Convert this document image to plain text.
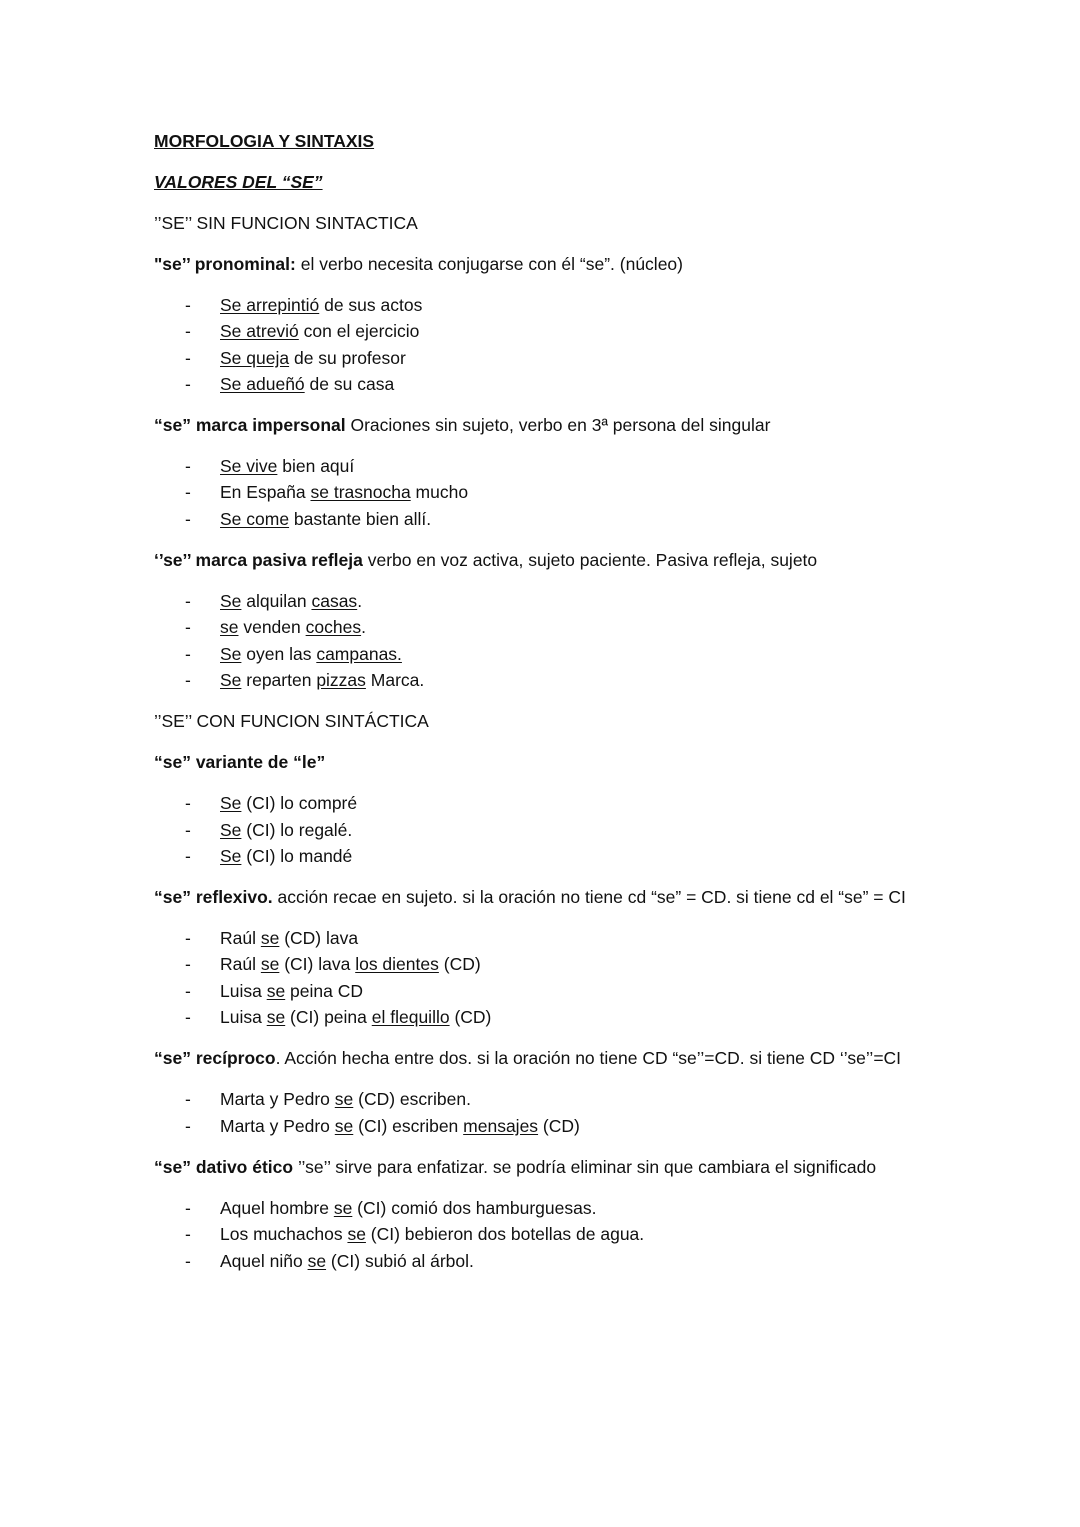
MORFOLOGIA Y SINTAXIS
VALORES DEL “SE”
’’SE’’ SIN FUNCION SINTACTICA
"se’’ pronominal: el verbo necesita conjugarse con él “se”. (núcleo)
- Se arrepintió de sus actos
- Se atrevió con el ejercicio
- Se queja de su profesor
- Se adueñó de su casa
“se” marca impersonal Oraciones sin sujeto, verbo en 3ª persona del singular
- Se vive bien aquí
- En España se trasnocha mucho
- Se come bastante bien allí.
‘’se’’ marca pasiva refleja verbo en voz activa, sujeto paciente. Pasiva refleja, sujeto
- Se alquilan casas.
- se venden coches.
- Se oyen las campanas.
- Se reparten pizzas Marca.
’’SE’’ CON FUNCION SINTÁCTICA
“se” variante de “le”
- Se (CI) lo compré
- Se (CI) lo regalé.
- Se (CI) lo mandé
“se” reflexivo. acción recae en sujeto. si la oración no tiene cd “se” = CD. si tiene cd el “se” = CI
- Raúl se (CD) lava
- Raúl se (CI) lava los dientes (CD)
- Luisa se peina CD
- Luisa se (CI) peina el flequillo (CD)
“se” recíproco. Acción hecha entre dos. si la oración no tiene CD “se’’=CD. si tiene CD ‘’se’’=CI
- Marta y Pedro se (CD) escriben.
- Marta y Pedro se (CI) escriben mensajes (CD)
“se” dativo ético ’’se’’ sirve para enfatizar. se podría eliminar sin que cambiara el significado
- Aquel hombre se (CI) comió dos hamburguesas.
- Los muchachos se (CI) bebieron dos botellas de agua.
- Aquel niño se (CI) subió al árbol.
